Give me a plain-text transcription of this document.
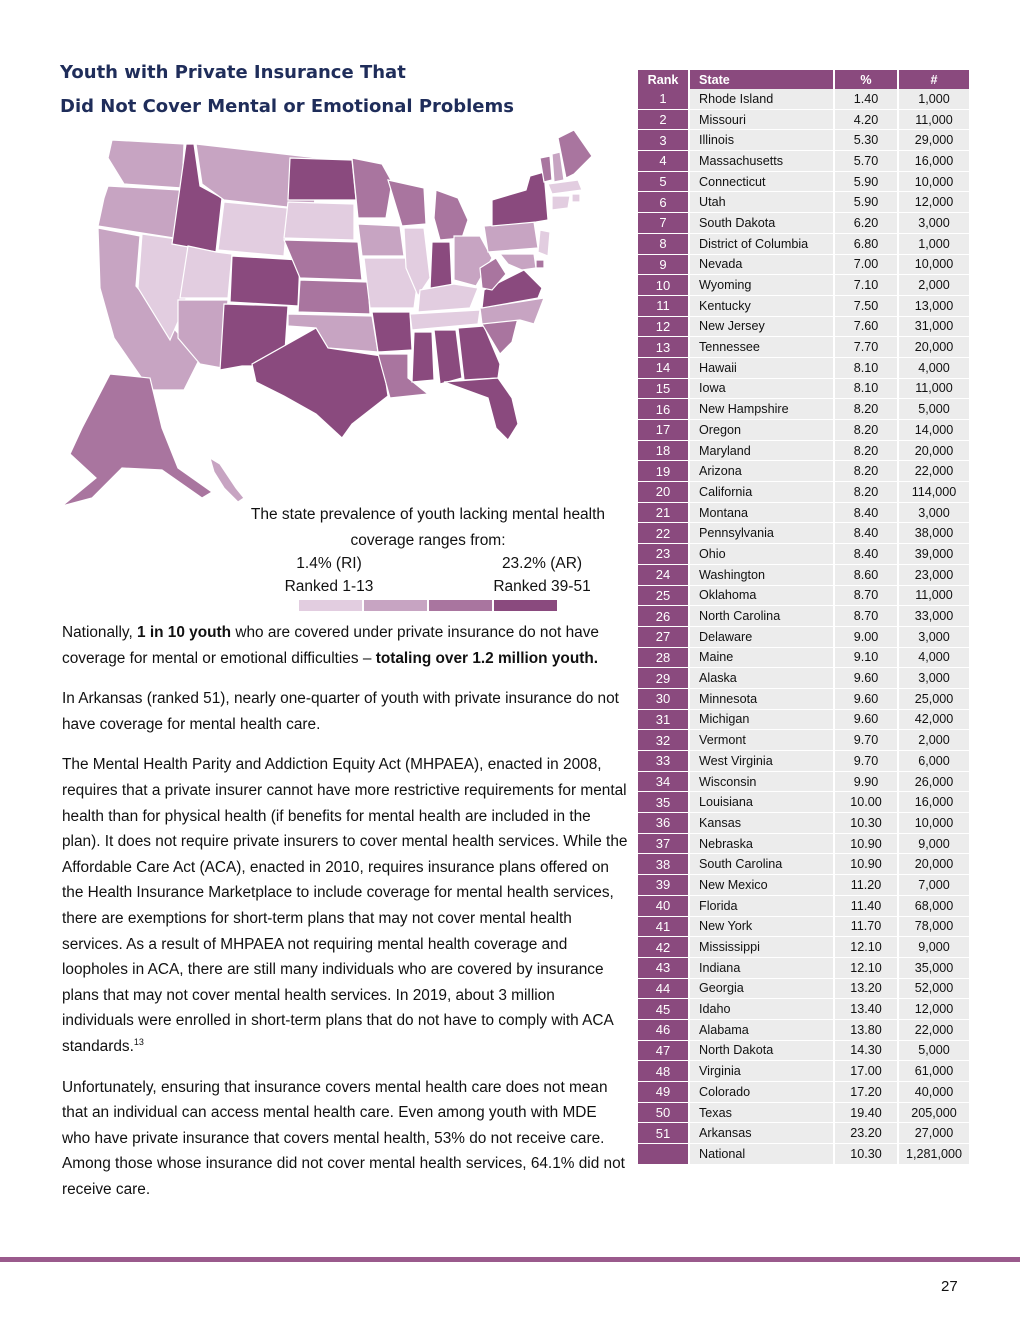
Youth with Private Insurance That
Did Not Cover Mental or Emotional Problems
The state prevalence of youth lacking mental health coverage ranges from:
1.4% (RI)
Ranked 1-13
23.2% (AR)
Ranked 39-51

Nationally, 1 in 10 youth who are covered under private insurance do not have coverage for mental or emotional difficulties – totaling over 1.2 million youth.

In Arkansas (ranked 51), nearly one-quarter of youth with private insurance do not have coverage for mental health care.

The Mental Health Parity and Addiction Equity Act (MHPAEA), enacted in 2008, requires that a private insurer cannot have more restrictive requirements for mental health than for physical health (if benefits for mental health are included in the plan). It does not require private insurers to cover mental health services. While the Affordable Care Act (ACA), enacted in 2010, requires insurance plans offered on the Health Insurance Marketplace to include coverage for mental health services, there are exemptions for short-term plans that may not cover mental health services. As a result of MHPAEA not requiring mental health coverage and loopholes in ACA, there are still many individuals who are covered by insurance plans that may not cover mental health services. In 2019, about 3 million individuals were enrolled in short-term plans that do not have to comply with ACA standards.$^{13}$

Unfortunately, ensuring that insurance covers mental health care does not mean that an individual can access mental health care. Even among youth with MDE who have private insurance that covers mental health, 53% do not receive care. Among those whose insurance did not cover mental health services, 64.1% did not receive care.

Rank	State	%	#
1	Rhode Island	1.40	1,000
2	Missouri	4.20	11,000
3	Illinois	5.30	29,000
4	Massachusetts	5.70	16,000
5	Connecticut	5.90	10,000
6	Utah	5.90	12,000
7	South Dakota	6.20	3,000
8	District of Columbia	6.80	1,000
9	Nevada	7.00	10,000
10	Wyoming	7.10	2,000
11	Kentucky	7.50	13,000
12	New Jersey	7.60	31,000
13	Tennessee	7.70	20,000
14	Hawaii	8.10	4,000
15	Iowa	8.10	11,000
16	New Hampshire	8.20	5,000
17	Oregon	8.20	14,000
18	Maryland	8.20	20,000
19	Arizona	8.20	22,000
20	California	8.20	114,000
21	Montana	8.40	3,000
22	Pennsylvania	8.40	38,000
23	Ohio	8.40	39,000
24	Washington	8.60	23,000
25	Oklahoma	8.70	11,000
26	North Carolina	8.70	33,000
27	Delaware	9.00	3,000
28	Maine	9.10	4,000
29	Alaska	9.60	3,000
30	Minnesota	9.60	25,000
31	Michigan	9.60	42,000
32	Vermont	9.70	2,000
33	West Virginia	9.70	6,000
34	Wisconsin	9.90	26,000
35	Louisiana	10.00	16,000
36	Kansas	10.30	10,000
37	Nebraska	10.90	9,000
38	South Carolina	10.90	20,000
39	New Mexico	11.20	7,000
40	Florida	11.40	68,000
41	New York	11.70	78,000
42	Mississippi	12.10	9,000
43	Indiana	12.10	35,000
44	Georgia	13.20	52,000
45	Idaho	13.40	12,000
46	Alabama	13.80	22,000
47	North Dakota	14.30	5,000
48	Virginia	17.00	61,000
49	Colorado	17.20	40,000
50	Texas	19.40	205,000
51	Arkansas	23.20	27,000
	National	10.30	1,281,000
27
